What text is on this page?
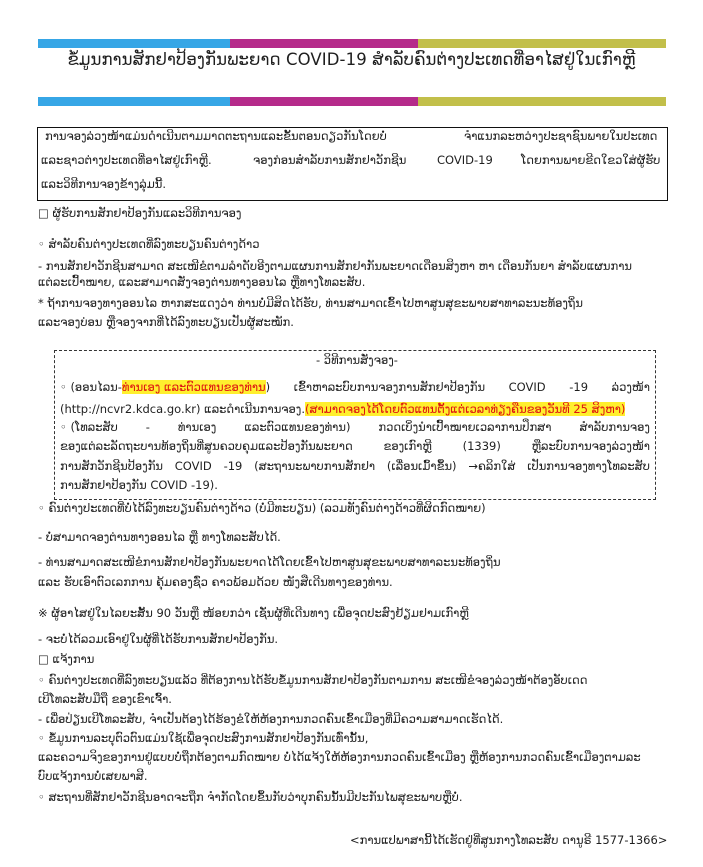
ຂໍ້ມູນການສັກຢາປ້ອງກັນພະຍາດ COVID-19 ສໍາລັບຄົນຕ່າງປະເທດທີ່ອາໄສຢູ່ໃນເກົາຫຼີ
ການຈອງລ່ວງໜ້າແມ່ນດໍາເນີນຕາມມາດຕະຖານແລະຂັ້ນຕອນດຽວກັນໂດຍບໍ່	ຈໍາແນກລະຫວ່າງປະຊາຊົນພາຍໃນປະເທດ
ແລະຊາວຕ່າງປະເທດທີ່ອາໄສຢູ່ເກົາຫຼີ.	ຈອງກ່ອນສໍາລັບການສັກຢາວັກຊີນ	COVID-19 ໂດຍການພາຍຂີດໃຂວໃສ່ຜູ້ຮັບ
ແລະວິທີການຈອງຂ້າງລຸ່ມນີ້.
□ ຜູ້ຮັບການສັກຢາປ້ອງກັນແລະວິທີການຈອງ
◦ ສໍາລັບຄົນຕ່າງປະເທດທີ່ລົງທະບຽນຄົນຕ່າງດ້າວ
- ການສັກຢາວັກຊີນສາມາດ ສະເໜີຂໍຕາມລໍາດັບອີງຕາມແຜນການສັກຢາກັນພະຍາດເດືອນສິງຫາ ຫາ ເດືອນກັນຍາ ສໍາລັບແຜນການ
ແຕ່ລະເປົ້າໝາຍ, ແລະສາມາດສັ່ງຈອງຕ່ານທາງອອນໄລ ຫຼືທາງໂທລະສັບ.
* ຖ້າການຈອງທາງອອນໄລ ຫາກສະແດງວ່າ ທ່ານບໍ່ມີສິດໄດ້ຮັບ, ທ່ານສາມາດເຂົ້າໄປຫາສູນສຸຂະພາບສາທາລະນະທ້ອງຖິ່ນ
ແລະຈອງບ່ອນ ຫຼືຈອງຈາກທີ່ໄດ້ລົງທະບຽນເປັນຜູ້ສະໝັກ.
- ວິທີການສັ່ງຈອງ-
◦ (ອອນໄລນ-ທ່ານເອງ ແລະຕົວແທນຂອງທ່ານ) ເຂົ້າຫາລະບົບການຈອງການສັກຢາປ້ອງກັນ COVID -19 ລ່ວງໜ້າ
(http://ncvr2.kdca.go.kr) ແລະດໍາເນີນການຈອງ.(ສາມາດຈອງໄດ້ໂດຍຕົວແທນຕັ້ງແຕ່ເວລາທ່ຽງຄືນຂອງວັນທີ 25 ສິງຫາ)
◦ (ໂທລະສັບ - ທ່ານເອງ ແລະຕົວແທນຂອງທ່ານ) ກວດເບິ່ງນໍາເປົ້າໝາຍເວລາການປຶກສາ ສໍາລັບການຈອງ
ຂອງແຕ່ລະລັດຖະບານທ້ອງຖິ່ນທີ່ສູນຄວບຄຸມແລະປ້ອງກັນພະຍາດ	ຂອງເກົາຫຼີ	(1339)	ຫຼືລະບົບການຈອງລ່ວງໜ້າ
ການສັກວັກຊີນປ້ອງກັນ COVID -19 (ສະຖານະພາບການສັກຢາ (ເລື່ອນເມົ້າຂຶ້ນ) →ຄລິກໃສ່ ເປັນການຈອງທາງໂທລະສັບ
ການສັກຢາປ້ອງກັນ COVID -19).
◦ ຄົນຕ່າງປະເທດທີ່ບໍ່ໄດ້ລົງທະບຽນຄົນຕ່າງດ້າວ (ບໍ່ມີທະບຽນ) (ລວມທັງຄົນຕ່າງດ້າວທີ່ຜິດກົດໝາຍ)
- ບໍ່ສາມາດຈອງຕ່ານທາງອອນໄລ ຫຼື ທາງໂທລະສັບໄດ້.
- ທ່ານສາມາດສະເໜີຂໍການສັກຢາປ້ອງກັນພະຍາດໄດ້ໂດຍເຂົ້າໄປຫາສູນສຸຂະພາບສາທາລະນະທ້ອງຖິ່ນ
ແລະ ຮັບເອົາຕົວເລກການ ຄຸ້ມຄອງຊົ່ວ ຄາວພ້ອມດ້ວຍ ໜັງສືເດີນທາງຂອງທ່ານ.
※ ຜູ້ອາໄສຢູ່ໃນໄລຍະສັ້ນ 90 ວັນຫຼື ໜ້ອຍກວ່າ ເຊັ່ນຜູ້ທີ່ເດີນທາງ ເພື່ອຈຸດປະສົງຢ້ຽມຢາມເກົາຫຼີ
- ຈະບໍ່ໄດ້ລວມເອົາຢູ່ໃນຜູ້ທີ່ໄດ້ຮັບການສັກຢາປ້ອງກັນ.
□ ແຈ້ງການ
◦ ຄົນຕ່າງປະເທດທີ່ລົງທະບຽນແລ້ວ ທີ່ຕ້ອງການໄດ້ຮັບຂໍ້ມູນການສັກຢາປ້ອງກັນຕາມການ ສະເໜີຂໍຈອງລ່ວງໜ້າຕ້ອງອັບເດດ
ເບີໂທລະສັບມືຖື ຂອງເຂົາເຈົ້າ.
- ເພື່ອປ່ຽນເບີໂທລະສັບ, ຈໍາເປັນຕ້ອງໄດ້ຮ້ອງຂໍໃຫ້ຫ້ອງການກວດຄົນເຂົ້າເມືອງທີ່ມີຄວາມສາມາດເຮັດໄດ້.
◦ ຂໍ້ມູນການລະບຸຕົວຕົນແມ່ນໃຊ້ເພື່ອຈຸດປະສົງການສັກຢາປ້ອງກັນເທົ່ານັ້ນ,
ແລະຄວາມຈິງຂອງການຢູ່ແບບບໍ່ຖືກຕ້ອງຕາມກົດໝາຍ ບໍ່ໄດ້ແຈ້ງໃຫ້ຫ້ອງການກວດຄົນເຂົ້າເມືອງ ຫຼືຫ້ອງການກວດຄົນເຂົ້າເມືອງຕາມລະ
ບົບແຈ້ງການບໍ່ເສຍພາສີ.
◦ ສະຖານທີ່ສັກຢາວັກຊີນອາດຈະຖືກ ຈໍາກັດໂດຍຂຶ້ນກັບວ່າບຸກຄົນນັ້ນມີປະກັນໄພສຸຂະພາບຫຼືບໍ່.
<ການແປພາສານີ້ໄດ້ເຮັດຢູ່ທີ່ສູນກາງໂທລະສັບ ດານູຣີ 1577-1366>
